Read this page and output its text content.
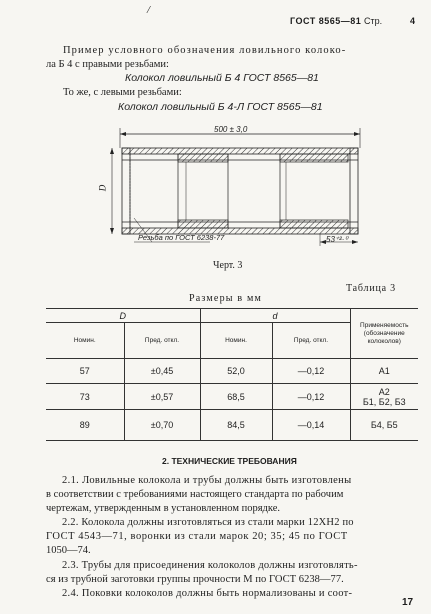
/
ГОСТ 8565—81 Стр.	4
Пример условного обозначения ловильного колоко-
ла Б 4 с правыми резьбами:
Колокол ловильный Б 4 ГОСТ 8565—81
То же, с левыми резьбами:
Колокол ловильный Б 4-Л ГОСТ 8565—81
500 ± 3,0
D
53⁺²·⁰
Резьба по ГОСТ 6238-77
Черт. 3
Таблица 3
Размеры в мм
D		d		Применяемость
(обозначение
колоколов)

Номин.	Пред. откл.	Номин.	Пред. откл.	
57	±0,45	52,0	—0,12	А1
73	±0,57	68,5	—0,12	А2
Б1, Б2, Б3

89	±0,70	84,5	—0,14	Б4, Б5
2. ТЕХНИЧЕСКИЕ ТРЕБОВАНИЯ
2.1. Ловильные колокола и трубы должны быть изготовлены
в соответствии с требованиями настоящего стандарта по рабочим
чертежам, утвержденным в установленном порядке.
2.2. Колокола должны изготовляться из стали марки 12ХН2 по
ГОСТ 4543—71, воронки из стали марок 20; 35; 45 по ГОСТ
1050—74.
2.3. Трубы для присоединения колоколов должны изготовлять-
ся из трубной заготовки группы прочности М по ГОСТ 6238—77.
2.4. Поковки колоколов должны быть нормализованы и соот-
17
